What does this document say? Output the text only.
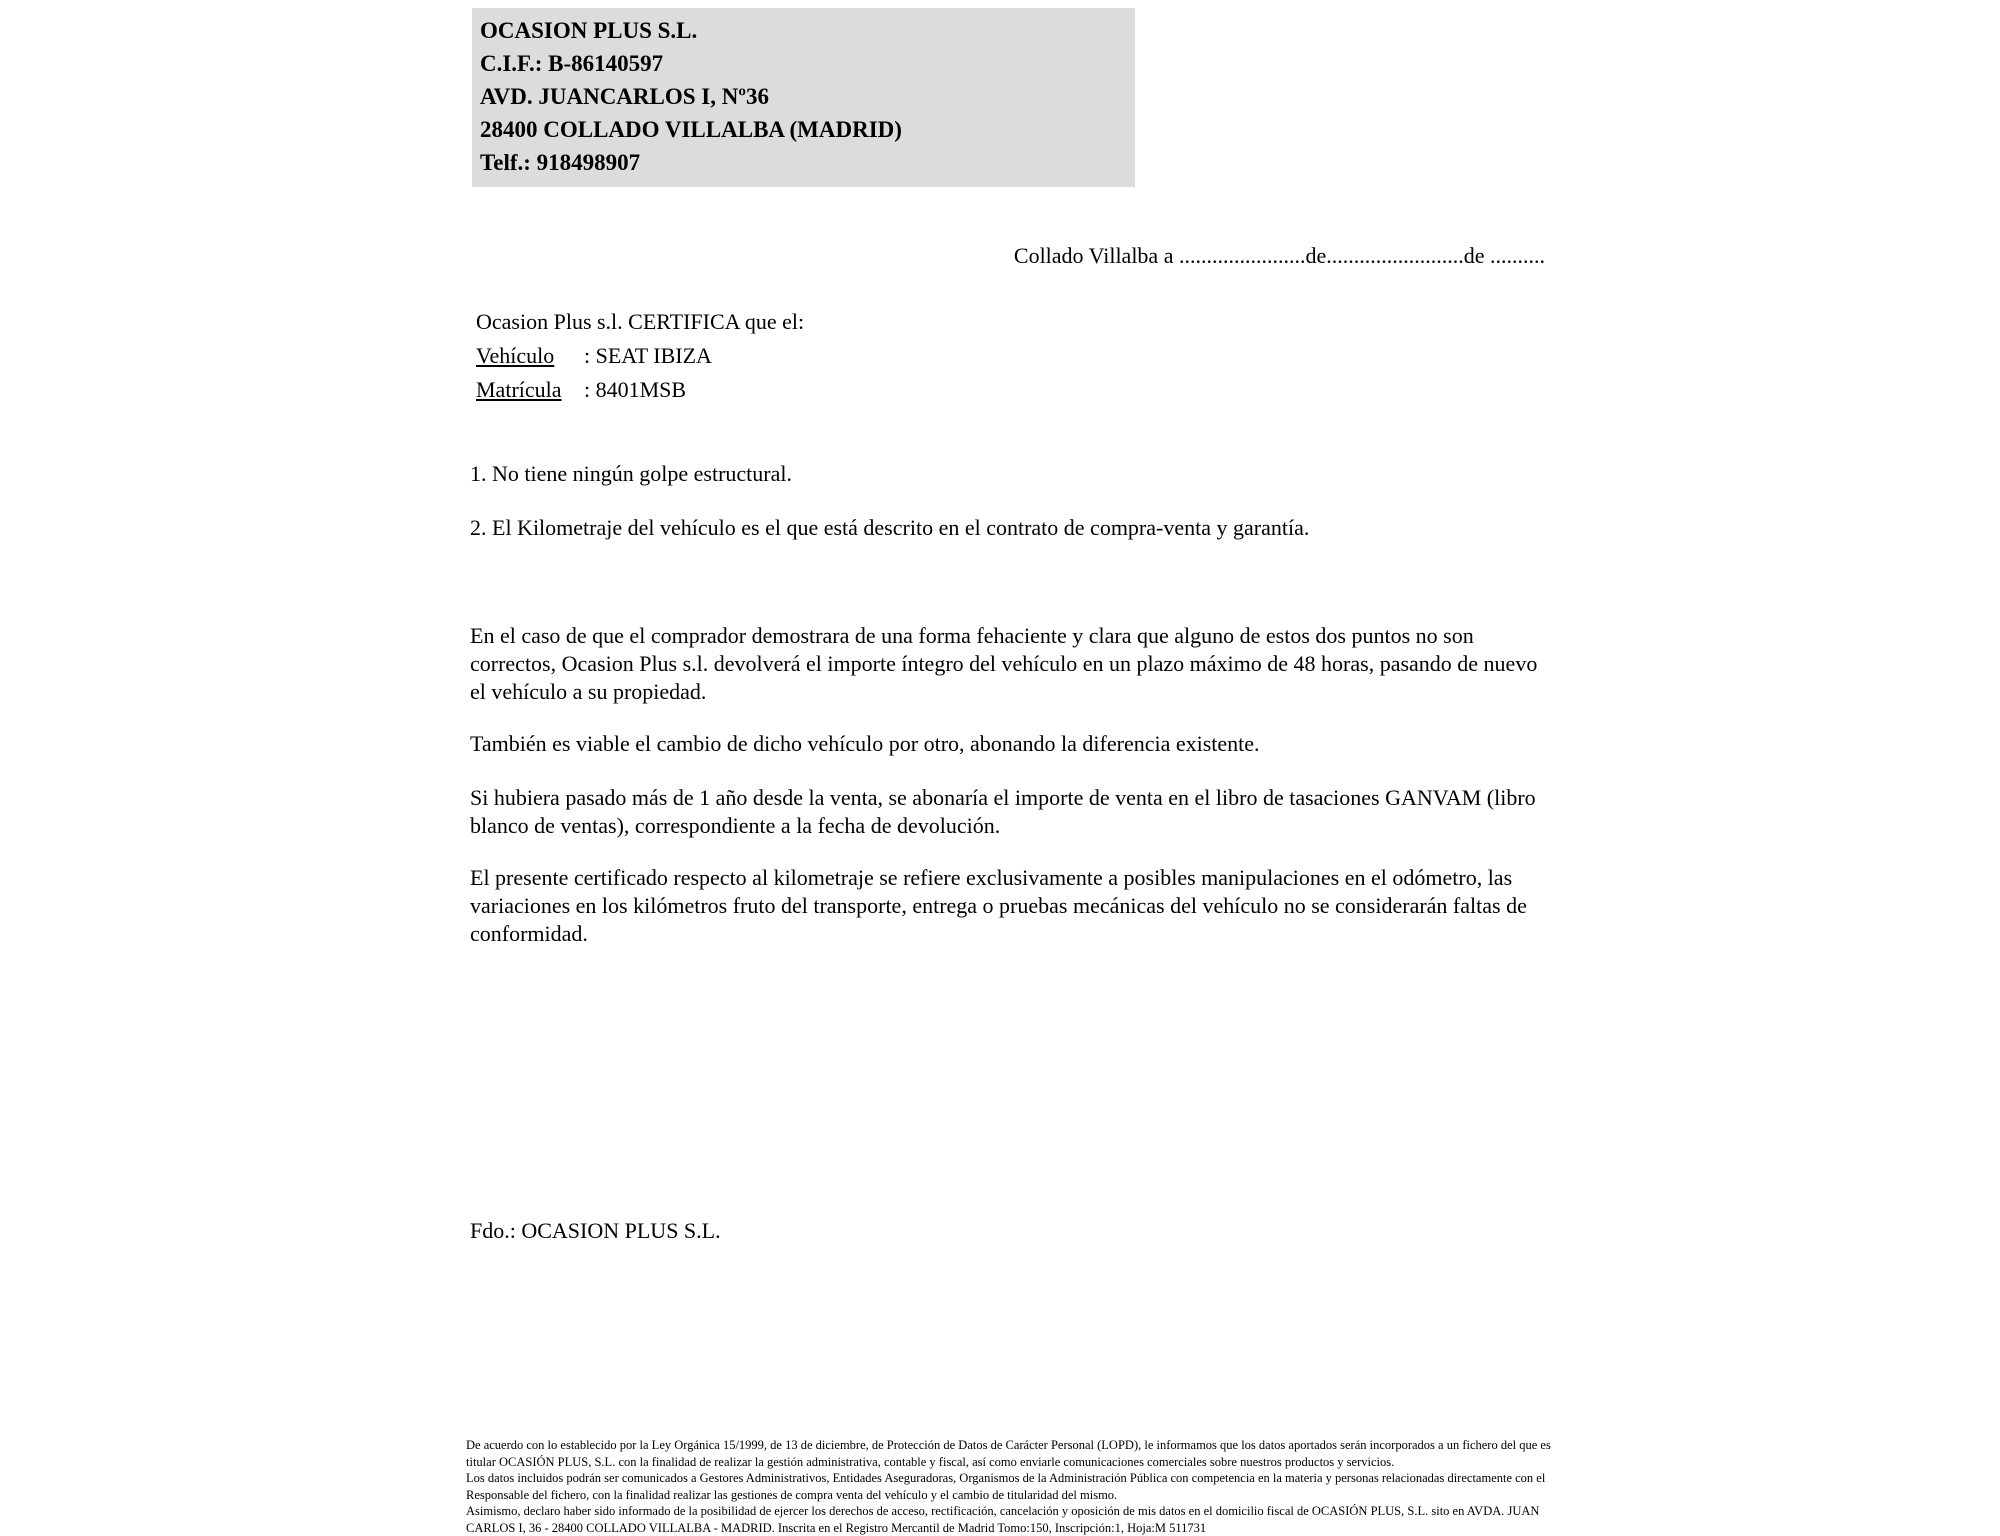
OCASION PLUS S.L.
C.I.F.: B-86140597
AVD. JUANCARLOS I, Nº36
28400 COLLADO VILLALBA (MADRID)
Telf.: 918498907
Collado Villalba a .......................de.........................de ..........
Ocasion Plus s.l. CERTIFICA que el:
Vehículo : SEAT IBIZA
Matrícula : 8401MSB
1. No tiene ningún golpe estructural.
2. El Kilometraje del vehículo es el que está descrito en el contrato de compra-venta y garantía.
En el caso de que el comprador demostrara de una forma fehaciente y clara que alguno de estos dos puntos no son correctos, Ocasion Plus s.l. devolverá el importe íntegro del vehículo en un plazo máximo de 48 horas, pasando de nuevo el vehículo a su propiedad.
También es viable el cambio de dicho vehículo por otro, abonando la diferencia existente.
Si hubiera pasado más de 1 año desde la venta, se abonaría el importe de venta en el libro de tasaciones GANVAM (libro blanco de ventas), correspondiente a la fecha de devolución.
El presente certificado respecto al kilometraje se refiere exclusivamente a posibles manipulaciones en el odómetro, las variaciones en los kilómetros fruto del transporte, entrega o pruebas mecánicas del vehículo no se considerarán faltas de conformidad.
Fdo.: OCASION PLUS S.L.

De acuerdo con lo establecido por la Ley Orgánica 15/1999, de 13 de diciembre, de Protección de Datos de Carácter Personal (LOPD), le informamos que los datos aportados serán incorporados a un fichero del que es titular OCASIÓN PLUS, S.L. con la finalidad de realizar la gestión administrativa, contable y fiscal, así como enviarle comunicaciones comerciales sobre nuestros productos y servicios.

Los datos incluidos podrán ser comunicados a Gestores Administrativos, Entidades Aseguradoras, Organismos de la Administración Pública con competencia en la materia y personas relacionadas directamente con el Responsable del fichero, con la finalidad realizar las gestiones de compra venta del vehículo y el cambio de titularidad del mismo.

Asimismo, declaro haber sido informado de la posibilidad de ejercer los derechos de acceso, rectificación, cancelación y oposición de mis datos en el domicilio fiscal de OCASIÓN PLUS, S.L. sito en AVDA. JUAN CARLOS I, 36 - 28400 COLLADO VILLALBA - MADRID. Inscrita en el Registro Mercantil de Madrid Tomo:150, Inscripción:1, Hoja:M 511731
